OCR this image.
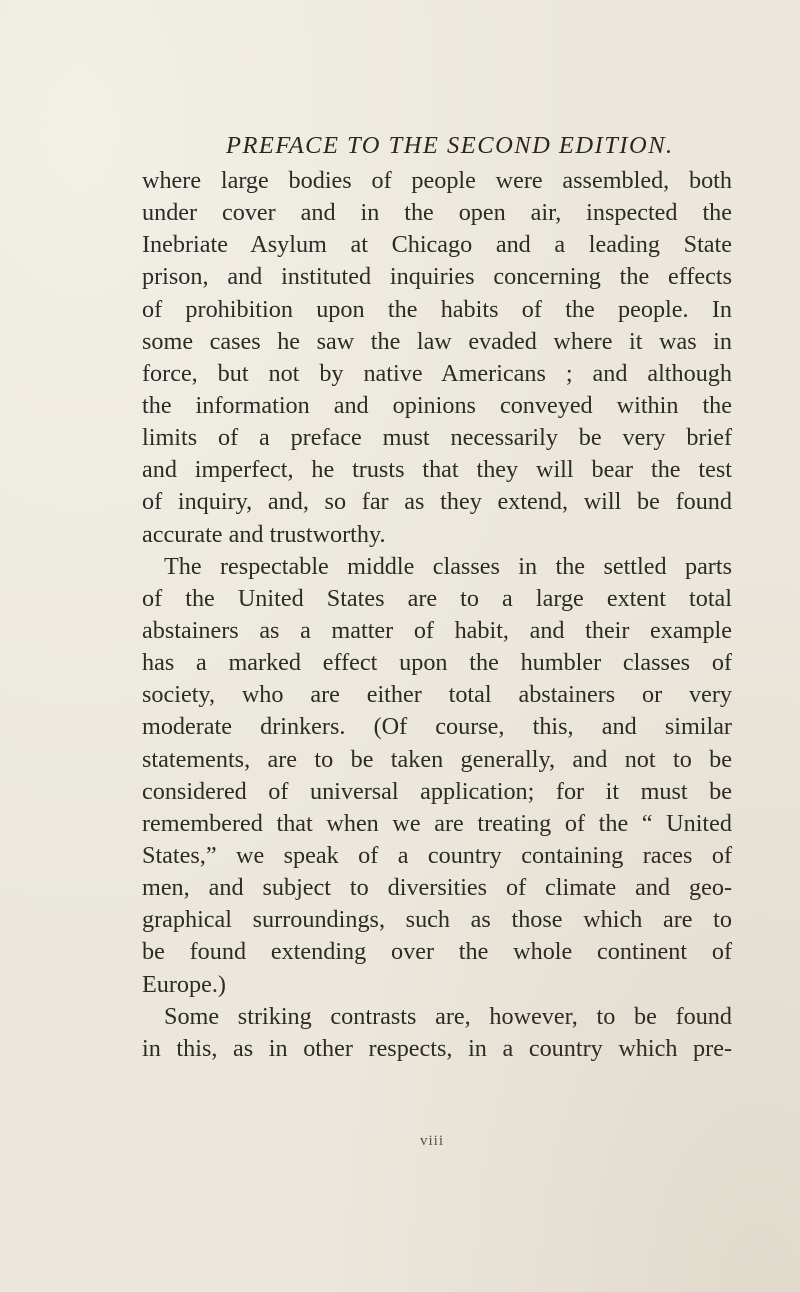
PREFACE TO THE SECOND EDITION.
where large bodies of people were assembled, both
under cover and in the open air, inspected the
Inebriate Asylum at Chicago and a leading State
prison, and instituted inquiries concerning the effects
of prohibition upon the habits of the people. In
some cases he saw the law evaded where it was in
force, but not by native Americans ; and although
the information and opinions conveyed within the
limits of a preface must necessarily be very brief
and imperfect, he trusts that they will bear the test
of inquiry, and, so far as they extend, will be found
accurate and trustworthy.
The respectable middle classes in the settled parts
of the United States are to a large extent total
abstainers as a matter of habit, and their example
has a marked effect upon the humbler classes of
society, who are either total abstainers or very
moderate drinkers. (Of course, this, and similar
statements, are to be taken generally, and not to be
considered of universal application; for it must be
remembered that when we are treating of the “ United
States,” we speak of a country containing races of
men, and subject to diversities of climate and geo-
graphical surroundings, such as those which are to
be found extending over the whole continent of
Europe.)
Some striking contrasts are, however, to be found
in this, as in other respects, in a country which pre-
viii
